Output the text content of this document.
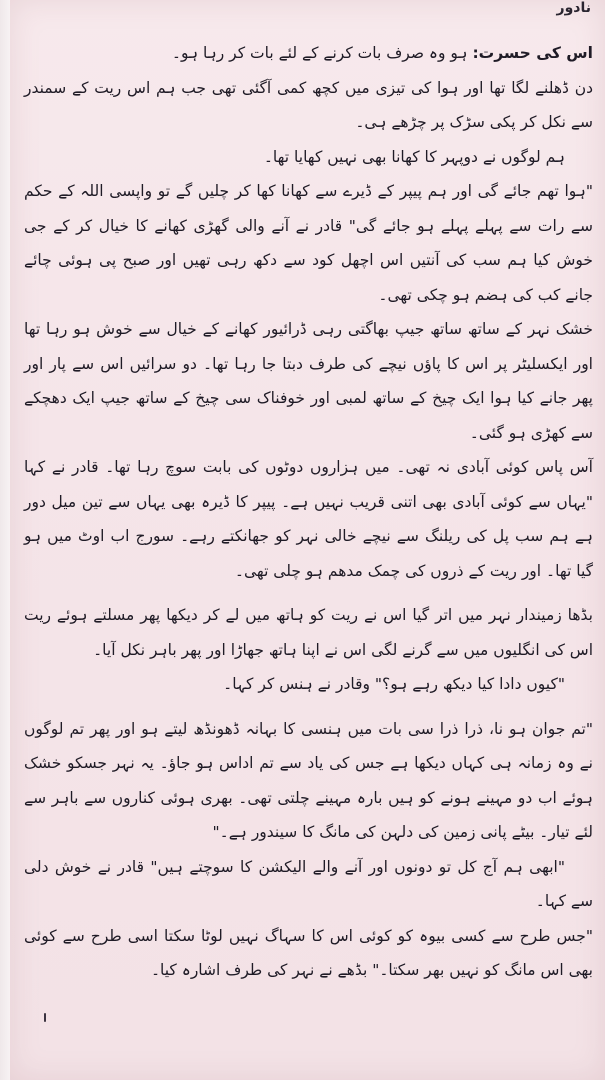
نادور

اس کی حسرت: ہو وہ صرف بات کرنے کے لئے بات کر رہا ہو۔

دن ڈھلنے لگا تھا اور ہوا کی تیزی میں کچھ کمی آگئی تھی جب ہم اس ریت کے سمندر سے نکل کر پکی سڑک پر چڑھے ہی۔

ہم لوگوں نے دوپہر کا کھانا بھی نہیں کھایا تھا۔

"ہوا تھم جائے گی اور ہم پیپر کے ڈیرے سے کھانا کھا کر چلیں گے تو واپسی اللہ کے حکم سے رات سے پہلے پہلے ہو جائے گی" قادر نے آنے والی گھڑی کھانے کا خیال کر کے جی خوش کیا ہم سب کی آنتیں اس اچھل کود سے دکھ رہی تھیں اور صبح پی ہوئی چائے جانے کب کی ہضم ہو چکی تھی۔

خشک نہر کے ساتھ ساتھ جیپ بھاگتی رہی ڈرائیور کھانے کے خیال سے خوش ہو رہا تھا اور ایکسلیٹر پر اس کا پاؤں نیچے کی طرف دبتا جا رہا تھا۔ دو سرائیں اس سے پار اور پھر جانے کیا ہوا ایک چیخ کے ساتھ لمبی اور خوفناک سی چیخ کے ساتھ جیپ ایک دھچکے سے کھڑی ہو گئی۔

آس پاس کوئی آبادی نہ تھی۔ میں ہزاروں دوٹوں کی بابت سوچ رہا تھا۔ قادر نے کہا "یہاں سے کوئی آبادی بھی اتنی قریب نہیں ہے۔ پیپر کا ڈیرہ بھی یہاں سے تین میل دور ہے ہم سب پل کی ریلنگ سے نیچے خالی نہر کو جھانکتے رہے۔ سورج اب اوٹ میں ہو گیا تھا۔ اور ریت کے ذروں کی چمک مدھم ہو چلی تھی۔

بڈھا زمیندار نہر میں اتر گیا اس نے ریت کو ہاتھ میں لے کر دیکھا پھر مسلتے ہوئے ریت اس کی انگلیوں میں سے گرنے لگی اس نے اپنا ہاتھ جھاڑا اور پھر باہر نکل آیا۔

"کیوں دادا کیا دیکھ رہے ہو؟" وقادر نے ہنس کر کہا۔

"تم جوان ہو نا، ذرا ذرا سی بات میں ہنسی کا بہانہ ڈھونڈھ لیتے ہو اور پھر تم لوگوں نے وہ زمانہ ہی کہاں دیکھا ہے جس کی یاد سے تم اداس ہو جاؤ۔ یہ نہر جسکو خشک ہوئے اب دو مہینے ہونے کو ہیں بارہ مہینے چلتی تھی۔ بھری ہوئی کناروں سے باہر سے لئے تیار۔ بیٹے پانی زمین کی دلہن کی مانگ کا سیندور ہے۔"

"ابھی ہم آج کل تو دونوں اور آنے والے الیکشن کا سوچتے ہیں" قادر نے خوش دلی سے کہا۔

"جس طرح سے کسی بیوہ کو کوئی اس کا سہاگ نہیں لوٹا سکتا اسی طرح سے کوئی بھی اس مانگ کو نہیں بھر سکتا۔" بڈھے نے نہر کی طرف اشارہ کیا۔
